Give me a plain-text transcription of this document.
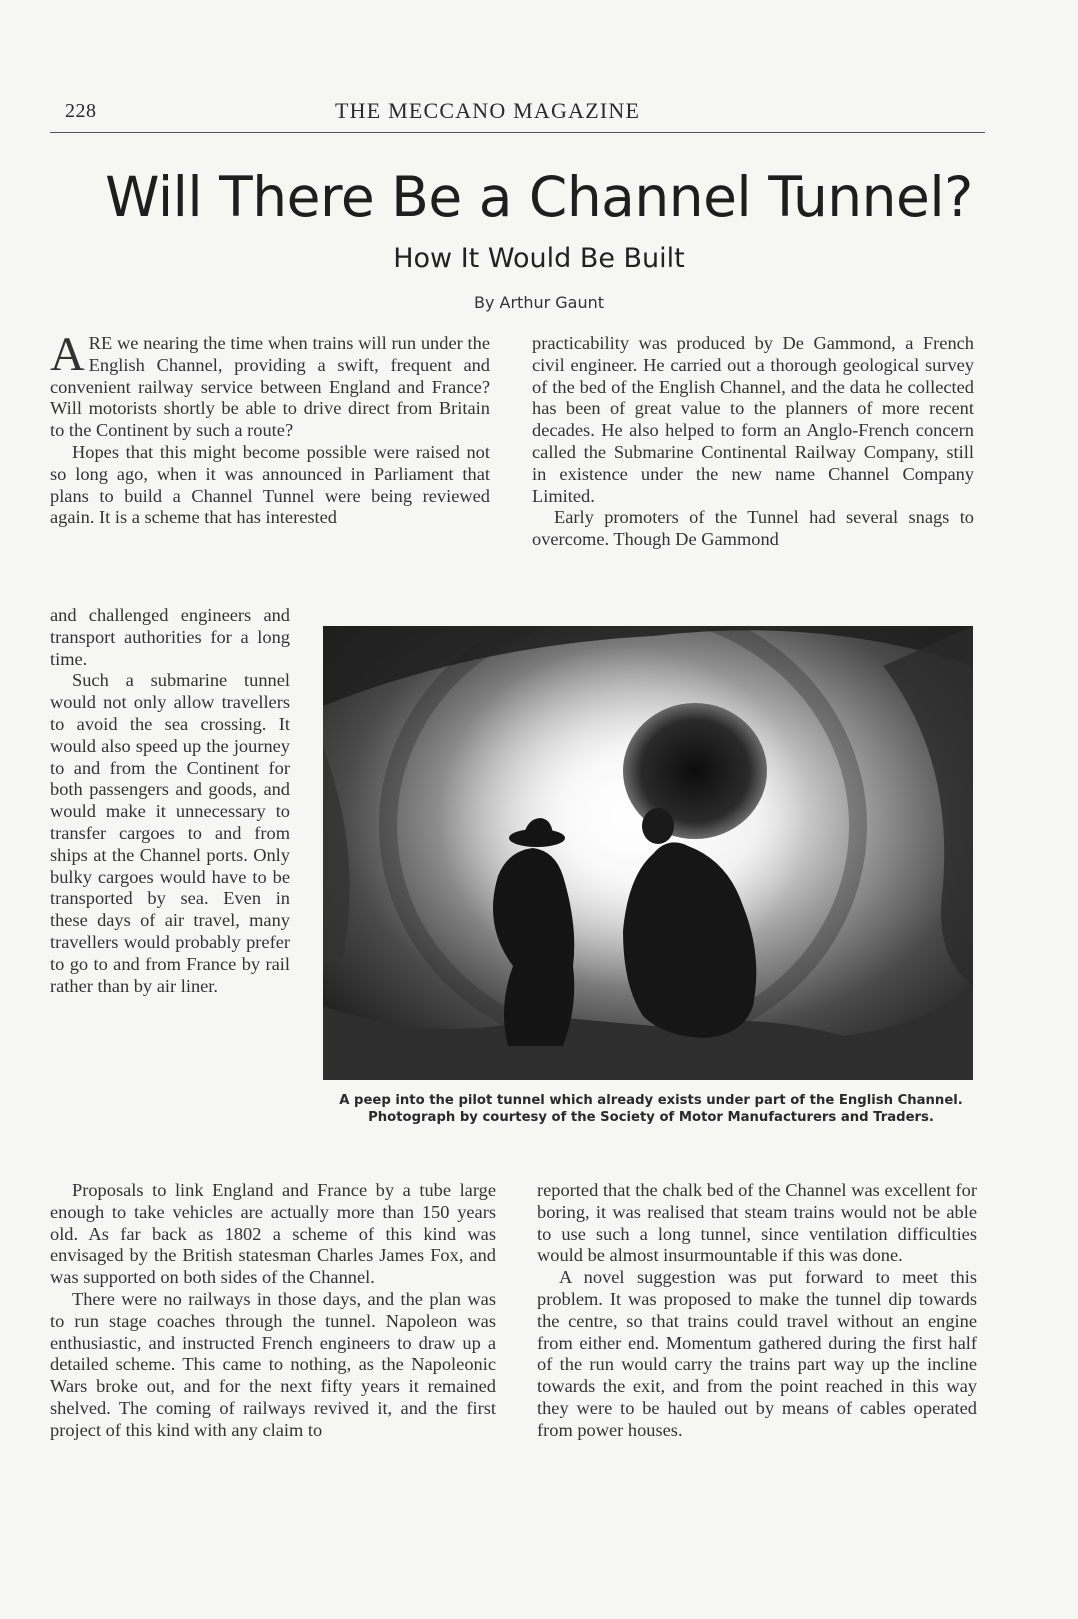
228	THE MECCANO MAGAZINE
Will There Be a Channel Tunnel?
How It Would Be Built
By Arthur Gaunt

ARE we nearing the time when trains will run under the English Channel, providing a swift, frequent and convenient railway service between England and France? Will motorists shortly be able to drive direct from Britain to the Continent by such a route?

Hopes that this might become possible were raised not so long ago, when it was announced in Parliament that plans to build a Channel Tunnel were being reviewed again. It is a scheme that has interested

practicability was produced by De Gammond, a French civil engineer. He carried out a thorough geological survey of the bed of the English Channel, and the data he collected has been of great value to the planners of more recent decades. He also helped to form an Anglo-French concern called the Submarine Continental Railway Company, still in existence under the new name Channel Company Limited.

Early promoters of the Tunnel had several snags to overcome. Though De Gammond

and challenged engineers and transport authorities for a long time.

Such a submarine tunnel would not only allow travellers to avoid the sea crossing. It would also speed up the journey to and from the Continent for both passengers and goods, and would make it unnecessary to transfer cargoes to and from ships at the Channel ports. Only bulky cargoes would have to be transported by sea. Even in these days of air travel, many travellers would probably prefer to go to and from France by rail rather than by air liner.

A peep into the pilot tunnel which already exists under part of the English Channel. Photograph by courtesy of the Society of Motor Manufacturers and Traders.

Proposals to link England and France by a tube large enough to take vehicles are actually more than 150 years old. As far back as 1802 a scheme of this kind was envisaged by the British statesman Charles James Fox, and was supported on both sides of the Channel.

There were no railways in those days, and the plan was to run stage coaches through the tunnel. Napoleon was enthusiastic, and instructed French engineers to draw up a detailed scheme. This came to nothing, as the Napoleonic Wars broke out, and for the next fifty years it remained shelved. The coming of railways revived it, and the first project of this kind with any claim to

reported that the chalk bed of the Channel was excellent for boring, it was realised that steam trains would not be able to use such a long tunnel, since ventilation difficulties would be almost insurmountable if this was done.

A novel suggestion was put forward to meet this problem. It was proposed to make the tunnel dip towards the centre, so that trains could travel without an engine from either end. Momentum gathered during the first half of the run would carry the trains part way up the incline towards the exit, and from the point reached in this way they were to be hauled out by means of cables operated from power houses.
